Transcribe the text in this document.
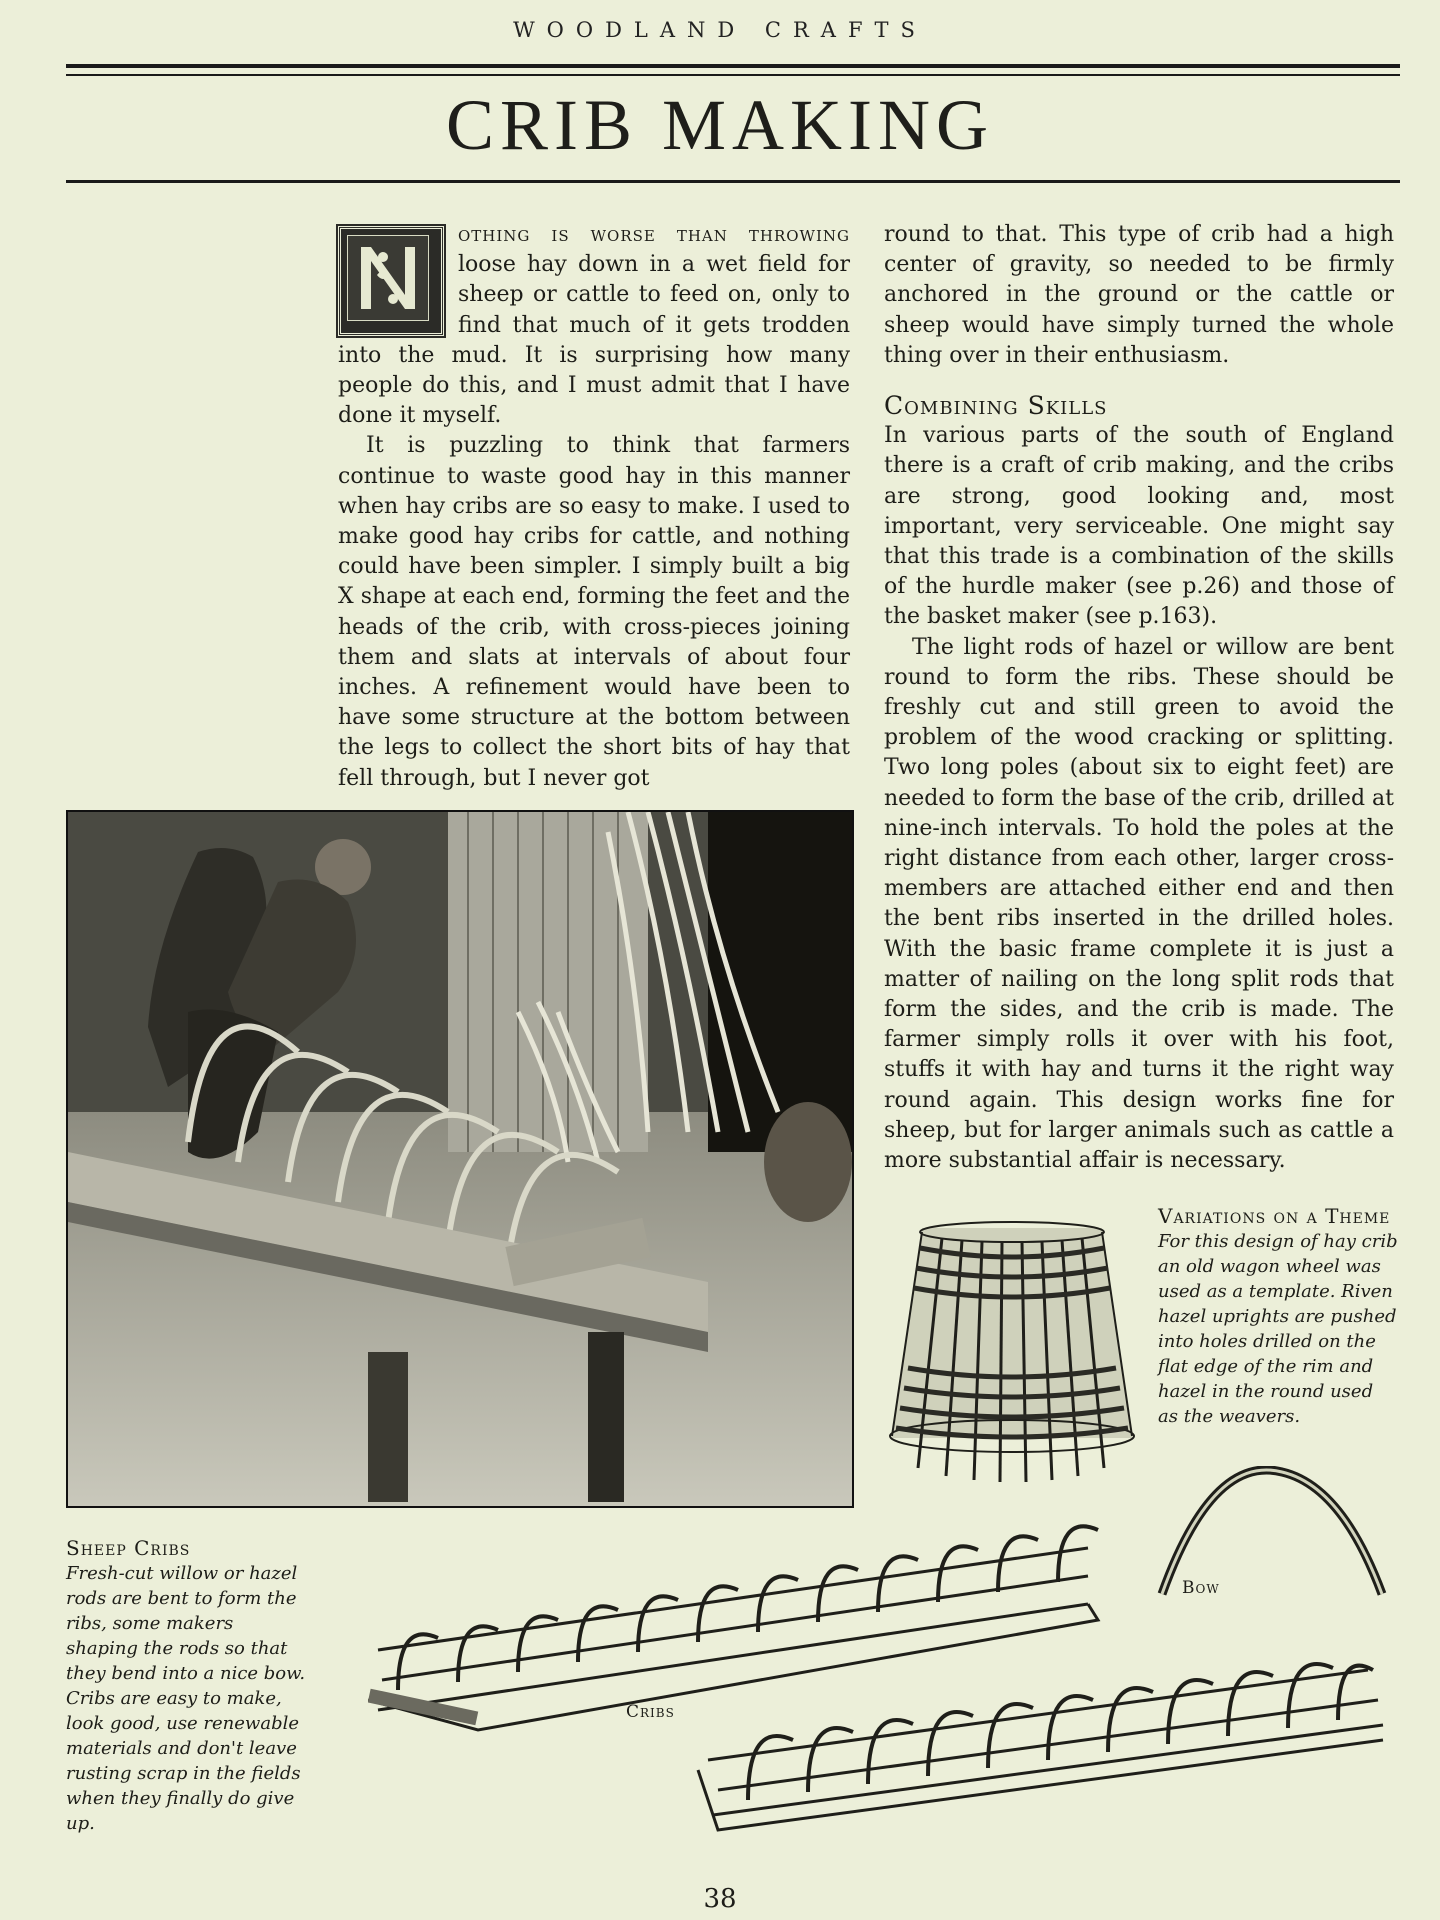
WOODLAND CRAFTS
CRIB MAKING

othing is worse than throwing loose hay down in a wet field for sheep or cattle to feed on, only to find that much of it gets trodden into the mud. It is surprising how many people do this, and I must admit that I have done it myself.

It is puzzling to think that farmers continue to waste good hay in this manner when hay cribs are so easy to make. I used to make good hay cribs for cattle, and nothing could have been simpler. I simply built a big X shape at each end, forming the feet and the heads of the crib, with cross-pieces joining them and slats at intervals of about four inches. A refinement would have been to have some structure at the bottom between the legs to collect the short bits of hay that fell through, but I never got

round to that. This type of crib had a high center of gravity, so needed to be firmly anchored in the ground or the cattle or sheep would have simply turned the whole thing over in their enthusiasm.

Combining Skills

In various parts of the south of England there is a craft of crib making, and the cribs are strong, good looking and, most important, very serviceable. One might say that this trade is a combination of the skills of the hurdle maker (see p.26) and those of the basket maker (see p.163).

The light rods of hazel or willow are bent round to form the ribs. These should be freshly cut and still green to avoid the problem of the wood cracking or splitting. Two long poles (about six to eight feet) are needed to form the base of the crib, drilled at nine-inch intervals. To hold the poles at the right distance from each other, larger cross-members are attached either end and then the bent ribs inserted in the drilled holes. With the basic frame complete it is just a matter of nailing on the long split rods that form the sides, and the crib is made. The farmer simply rolls it over with his foot, stuffs it with hay and turns it the right way round again. This design works fine for sheep, but for larger animals such as cattle a more substantial affair is necessary.

Variations on a Theme
For this design of hay crib an old wagon wheel was used as a template. Riven hazel uprights are pushed into holes drilled on the flat edge of the rim and hazel in the round used as the weavers.
Sheep Cribs
Fresh-cut willow or hazel rods are bent to form the ribs, some makers shaping the rods so that they bend into a nice bow. Cribs are easy to make, look good, use renewable materials and don't leave rusting scrap in the fields when they finally do give up.
Bow
Cribs
38
